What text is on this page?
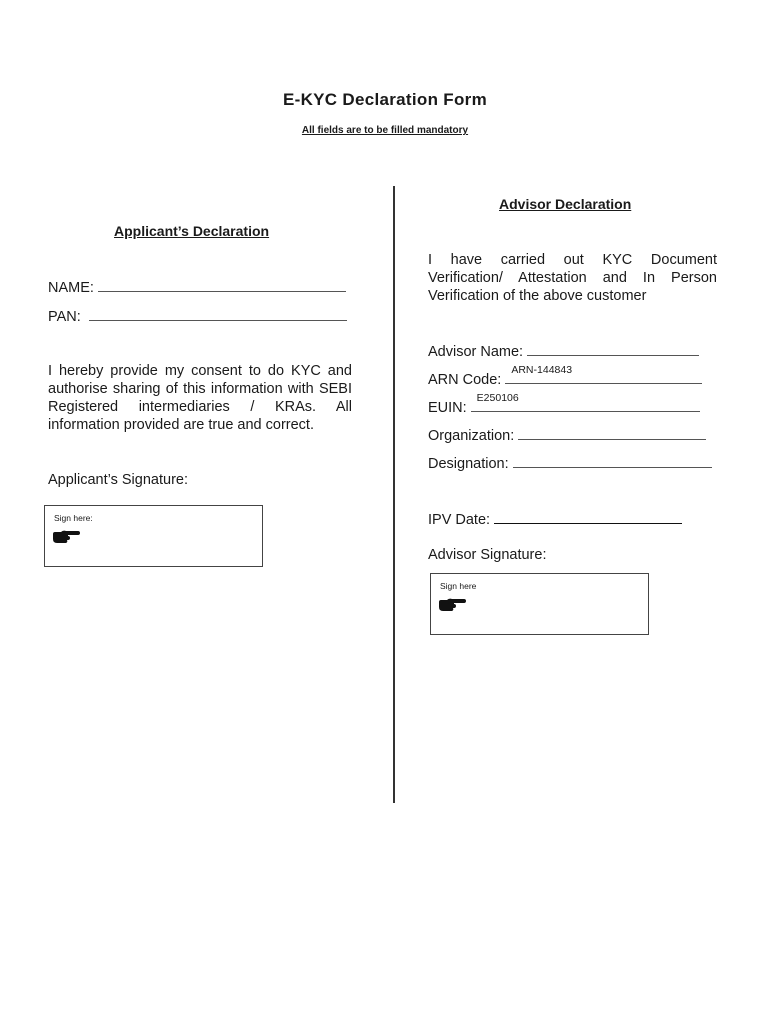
E-KYC Declaration Form
All fields are to be filled mandatory
Applicant’s Declaration
NAME:
PAN:
I hereby provide my consent to do KYC and authorise sharing of this information with SEBI Registered intermediaries / KRAs. All information provided are true and correct.
Applicant’s Signature:
Sign here:
Advisor Declaration
I have carried out KYC Document Verification/ Attestation and In Person Verification of the above customer
Advisor Name:
ARN Code:
ARN-144843
EUIN:
E250106
Organization:
Designation:
IPV Date:
Advisor Signature:
Sign here
